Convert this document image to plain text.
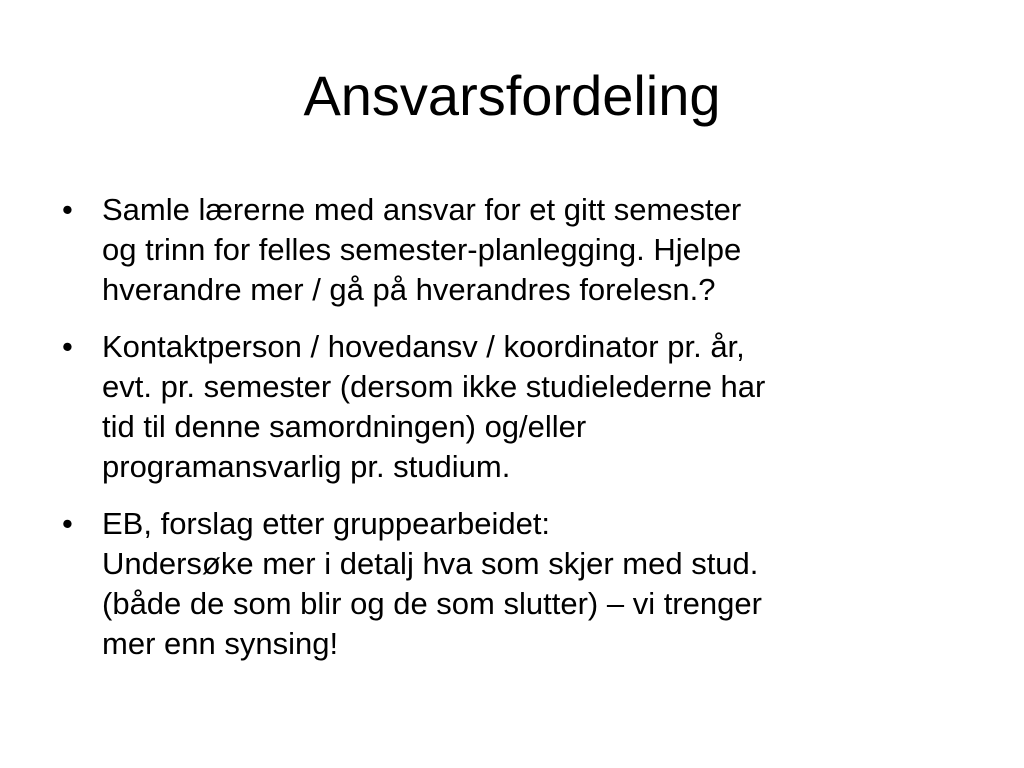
Ansvarsfordeling
• Samle lærerne med ansvar for et gitt semester
og trinn for felles semester-planlegging. Hjelpe
hverandre mer / gå på hverandres forelesn.?
• Kontaktperson / hovedansv / koordinator pr. år,
evt. pr. semester (dersom ikke studielederne har
tid til denne samordningen) og/eller
programansvarlig pr. studium.
• EB, forslag etter gruppearbeidet:
Undersøke mer i detalj hva som skjer med stud.
(både de som blir og de som slutter) – vi trenger
mer enn synsing!
